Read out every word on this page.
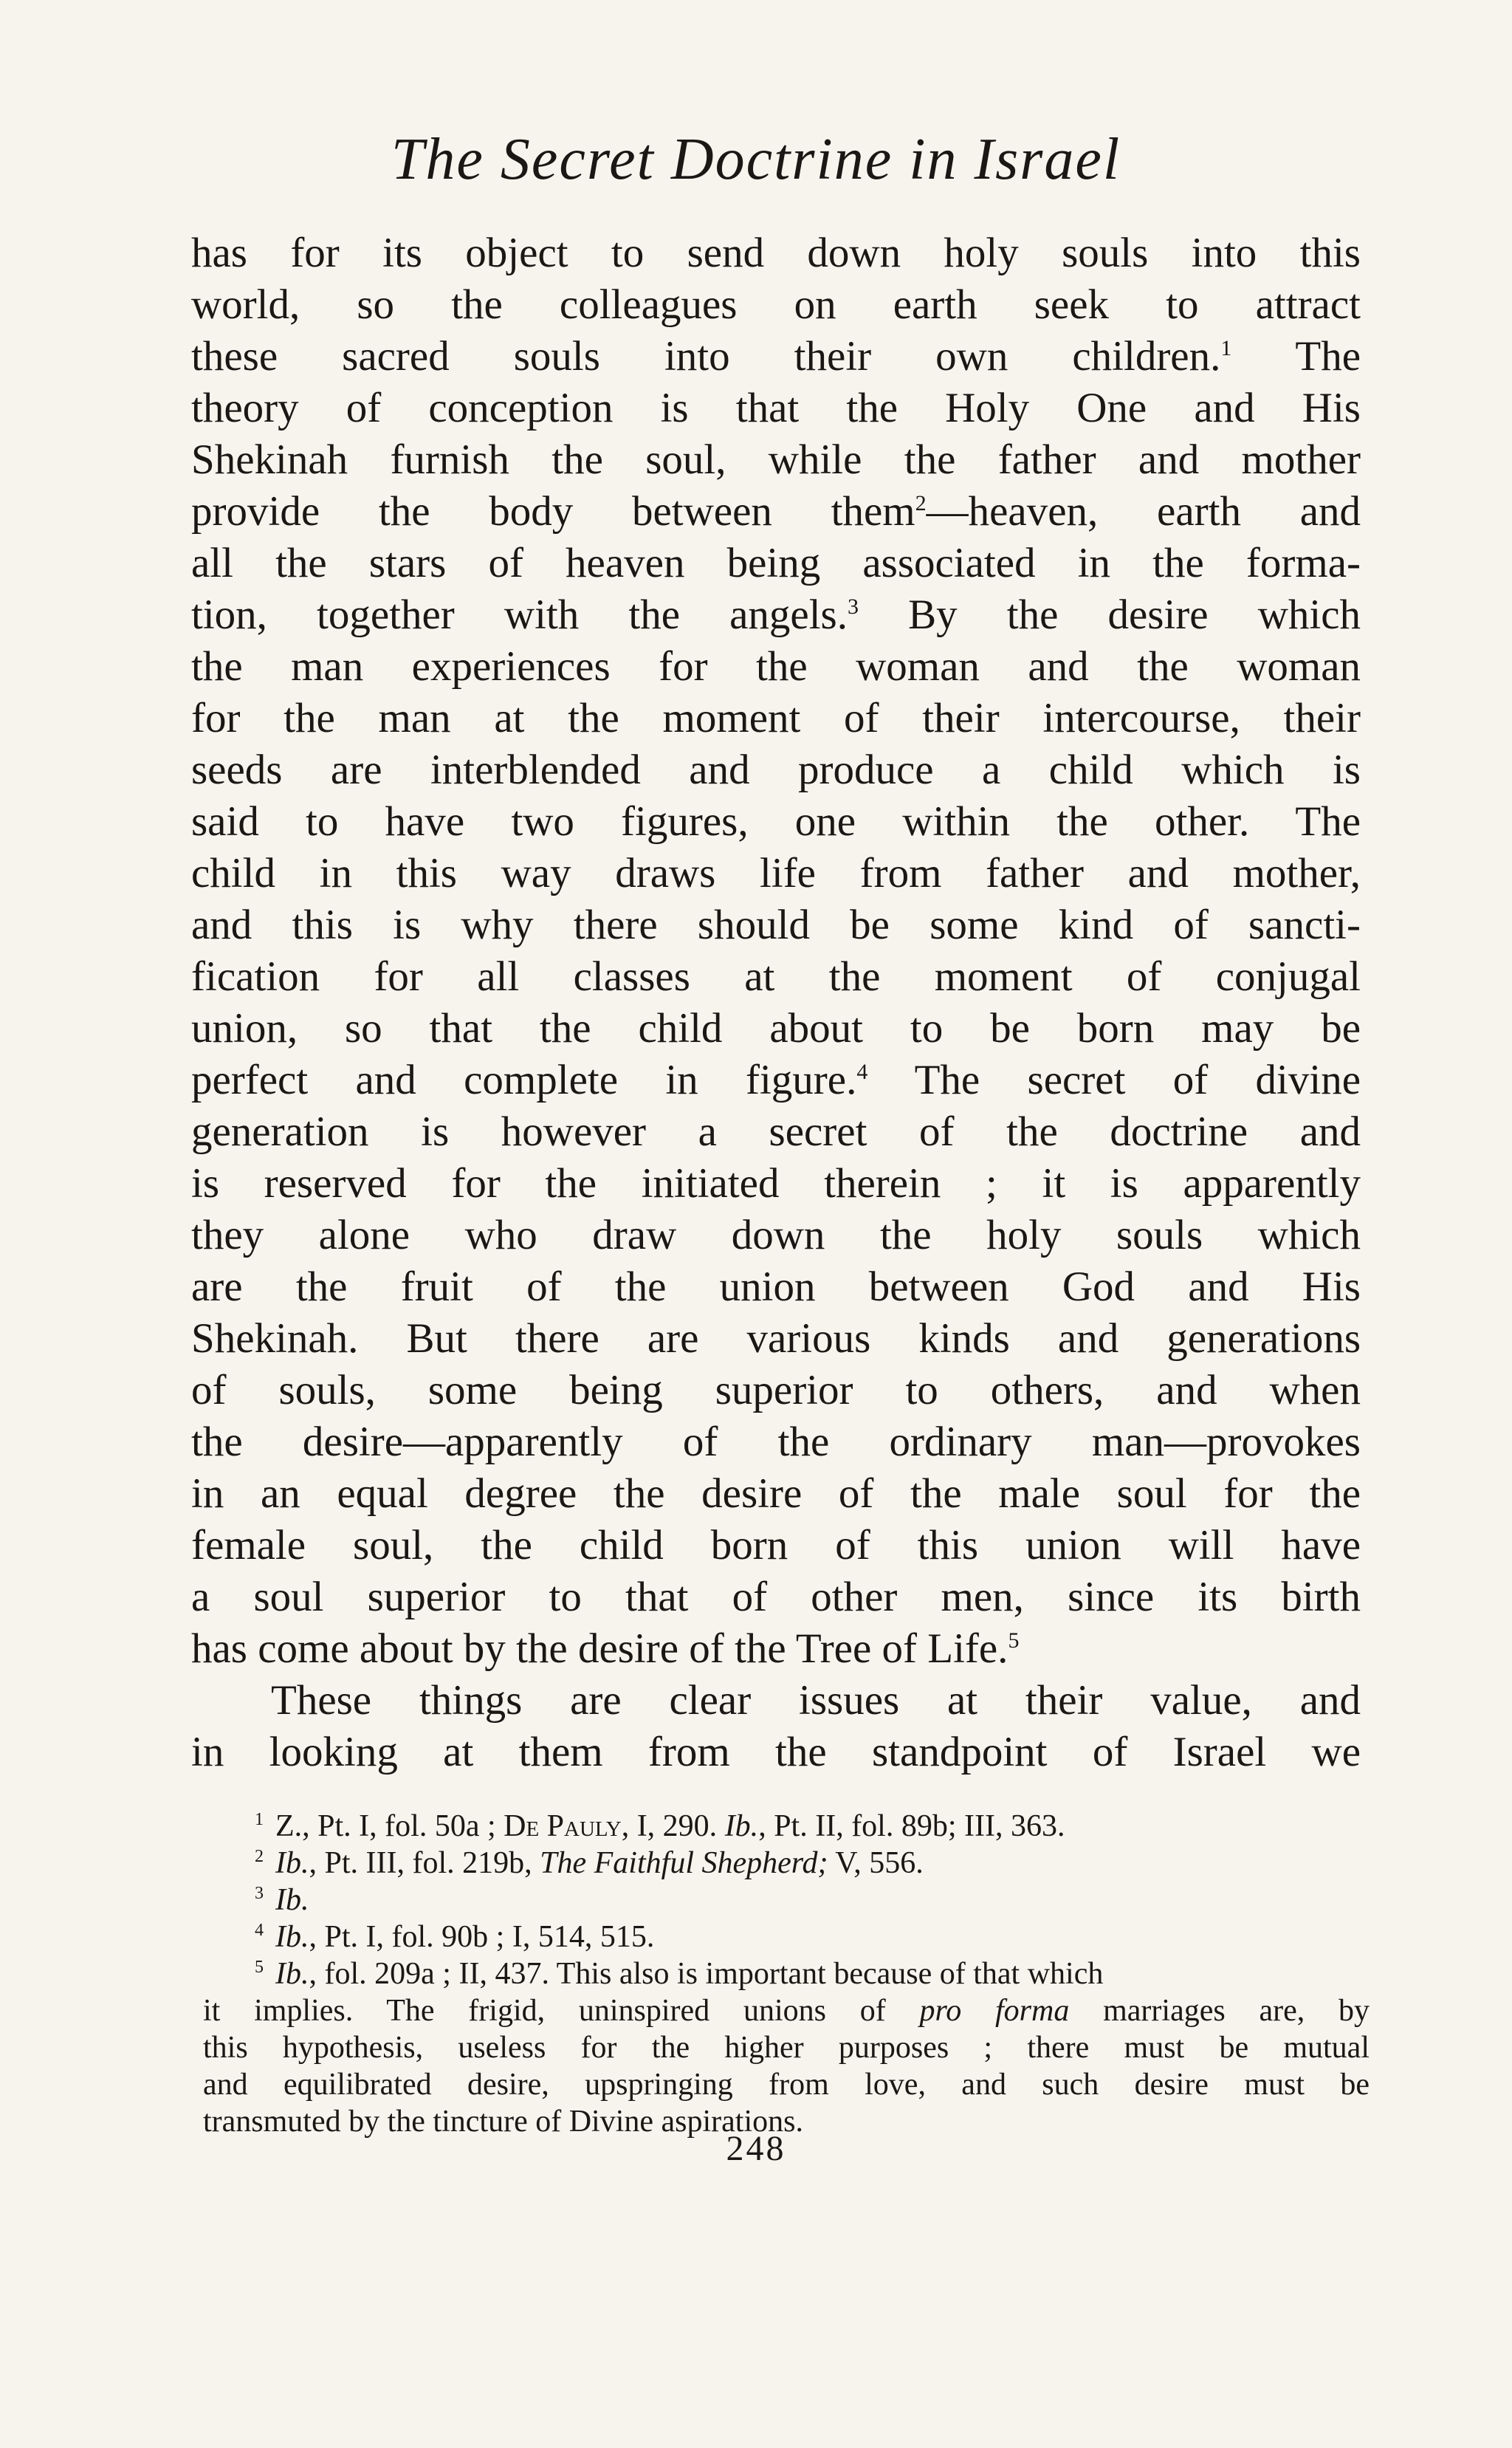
The Secret Doctrine in Israel
has for its object to send down holy souls into this
world, so the colleagues on earth seek to attract
these sacred souls into their own children.$^1$ The
theory of conception is that the Holy One and His
Shekinah furnish the soul, while the father and mother
provide the body between them$^2$—heaven, earth and
all the stars of heaven being associated in the forma-
tion, together with the angels.$^3$ By the desire which
the man experiences for the woman and the woman
for the man at the moment of their intercourse, their
seeds are interblended and produce a child which is
said to have two figures, one within the other. The
child in this way draws life from father and mother,
and this is why there should be some kind of sancti-
fication for all classes at the moment of conjugal
union, so that the child about to be born may be
perfect and complete in figure.$^4$ The secret of divine
generation is however a secret of the doctrine and
is reserved for the initiated therein ; it is apparently
they alone who draw down the holy souls which
are the fruit of the union between God and His
Shekinah. But there are various kinds and generations
of souls, some being superior to others, and when
the desire—apparently of the ordinary man—provokes
in an equal degree the desire of the male soul for the
female soul, the child born of this union will have
a soul superior to that of other men, since its birth
has come about by the desire of the Tree of Life.$^5$
These things are clear issues at their value, and
in looking at them from the standpoint of Israel we
$^1$ Z., Pt. I, fol. 50a ; De Pauly, I, 290. Ib., Pt. II, fol. 89b; III, 363.
$^2$ Ib., Pt. III, fol. 219b, The Faithful Shepherd; V, 556.
$^3$ Ib.
$^4$ Ib., Pt. I, fol. 90b ; I, 514, 515.
$^5$ Ib., fol. 209a ; II, 437. This also is important because of that which
it implies. The frigid, uninspired unions of pro forma marriages are, by
this hypothesis, useless for the higher purposes ; there must be mutual
and equilibrated desire, upspringing from love, and such desire must be
transmuted by the tincture of Divine aspirations.
248
